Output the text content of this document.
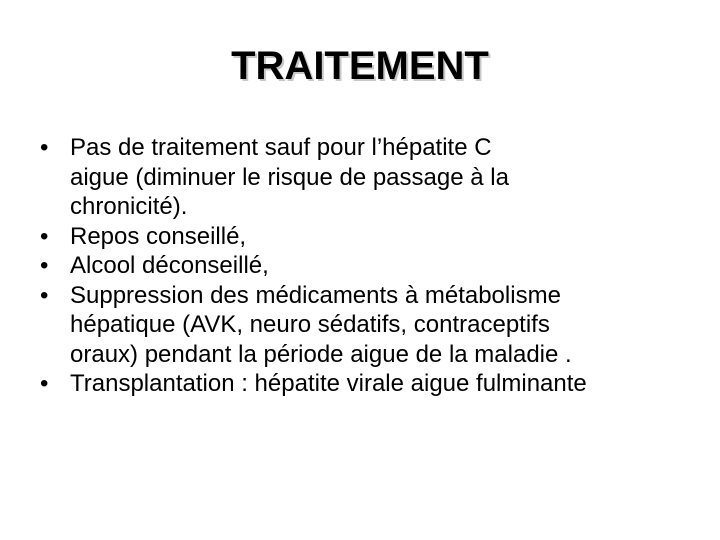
TRAITEMENT
• Pas de traitement sauf pour l’hépatite C
aigue (diminuer le risque de passage à la
chronicité).
• Repos conseillé,
• Alcool déconseillé,
• Suppression des médicaments à métabolisme
hépatique (AVK, neuro sédatifs, contraceptifs
oraux) pendant la période aigue de la maladie .
• Transplantation : hépatite virale aigue fulminante
